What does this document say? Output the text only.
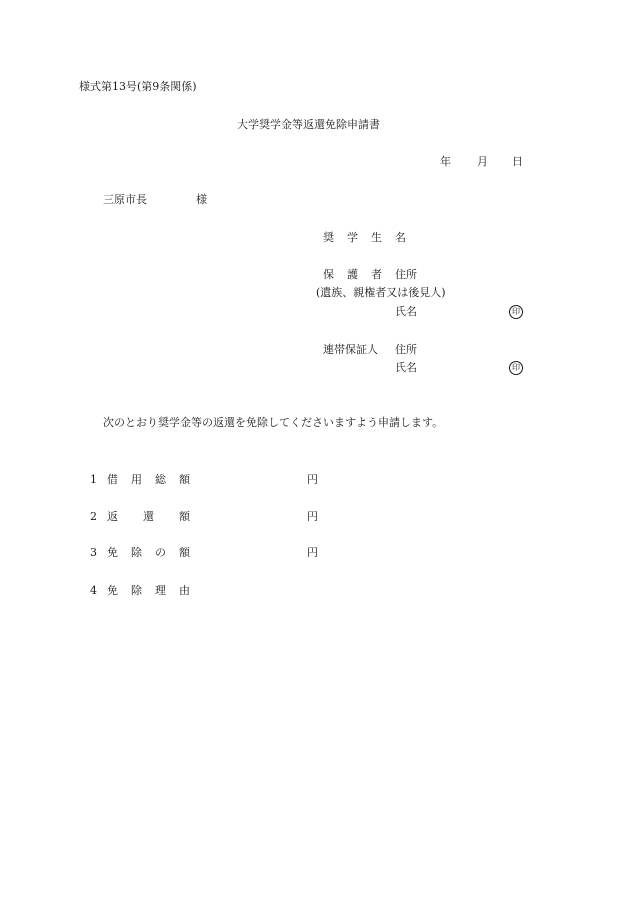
様式第13号(第9条関係)
大学奨学金等返還免除申請書
年 月 日
三原市長	様
奨 学 生 名
保 護 者 住所
(遺族、親権者又は後見人)
氏名	印
連帯保証人 住所
氏名	印
次のとおり奨学金等の返還を免除してくださいますよう申請します。
1 借 用 総 額	円
2 返 還 額	円
3 免 除 の 額	円
4 免 除 理 由
